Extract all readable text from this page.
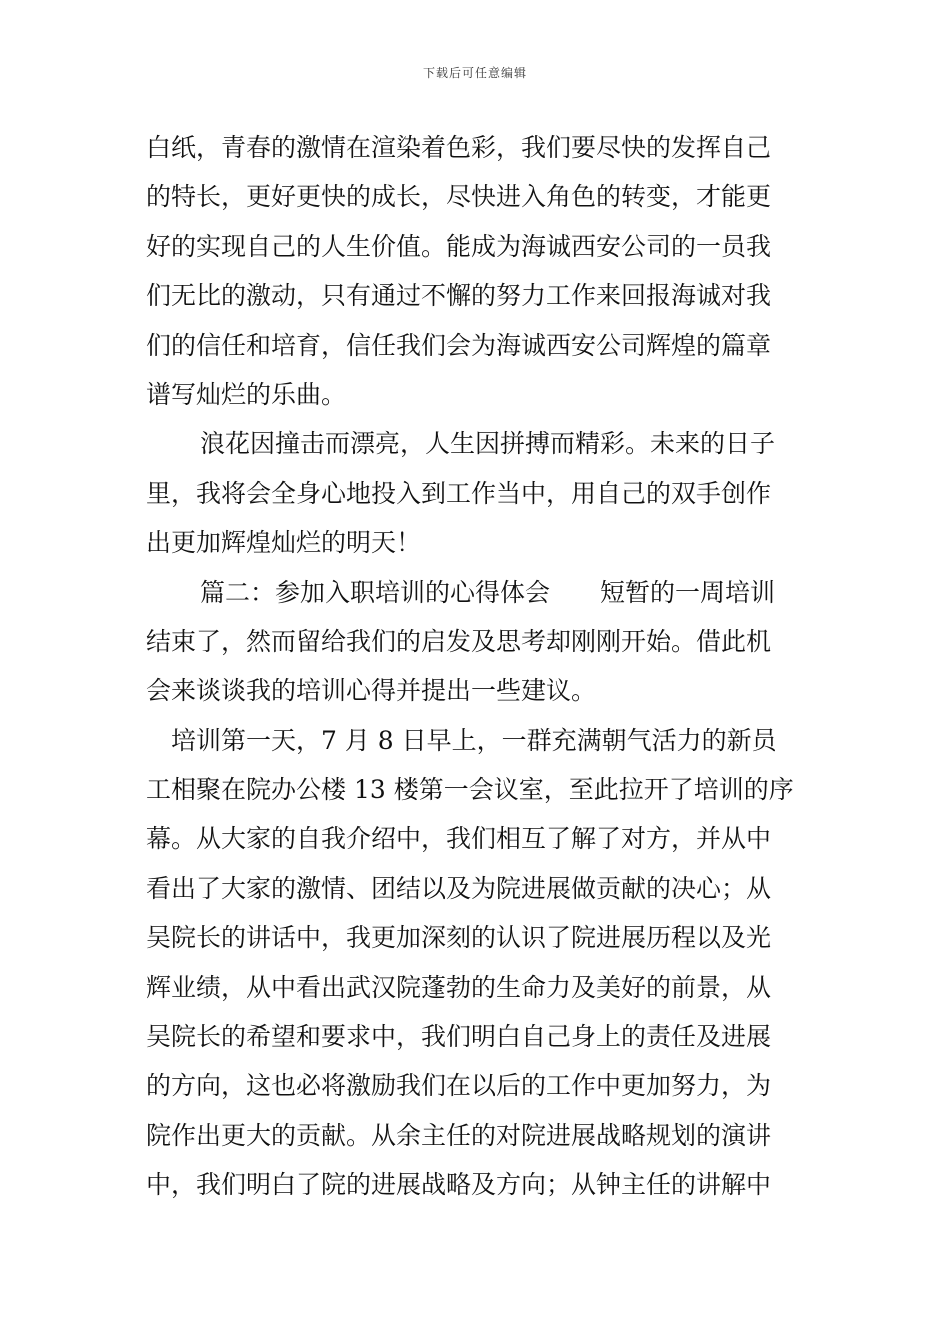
下载后可任意编辑
白纸，青春的激情在渲染着色彩，我们要尽快的发挥自己
的特长，更好更快的成长，尽快进入角色的转变，才能更
好的实现自己的人生价值。能成为海诚西安公司的一员我
们无比的激动，只有通过不懈的努力工作来回报海诚对我
们的信任和培育，信任我们会为海诚西安公司辉煌的篇章
谱写灿烂的乐曲。
浪花因撞击而漂亮，人生因拼搏而精彩。未来的日子
里，我将会全身心地投入到工作当中，用自己的双手创作
出更加辉煌灿烂的明天！
篇二：参加入职培训的心得体会　　短暂的一周培训
结束了，然而留给我们的启发及思考却刚刚开始。借此机
会来谈谈我的培训心得并提出一些建议。
培训第一天，7 月 8 日早上，一群充满朝气活力的新员
工相聚在院办公楼 13 楼第一会议室，至此拉开了培训的序
幕。从大家的自我介绍中，我们相互了解了对方，并从中
看出了大家的激情、团结以及为院进展做贡献的决心；从
吴院长的讲话中，我更加深刻的认识了院进展历程以及光
辉业绩，从中看出武汉院蓬勃的生命力及美好的前景，从
吴院长的希望和要求中，我们明白自己身上的责任及进展
的方向，这也必将激励我们在以后的工作中更加努力，为
院作出更大的贡献。从余主任的对院进展战略规划的演讲
中，我们明白了院的进展战略及方向；从钟主任的讲解中
